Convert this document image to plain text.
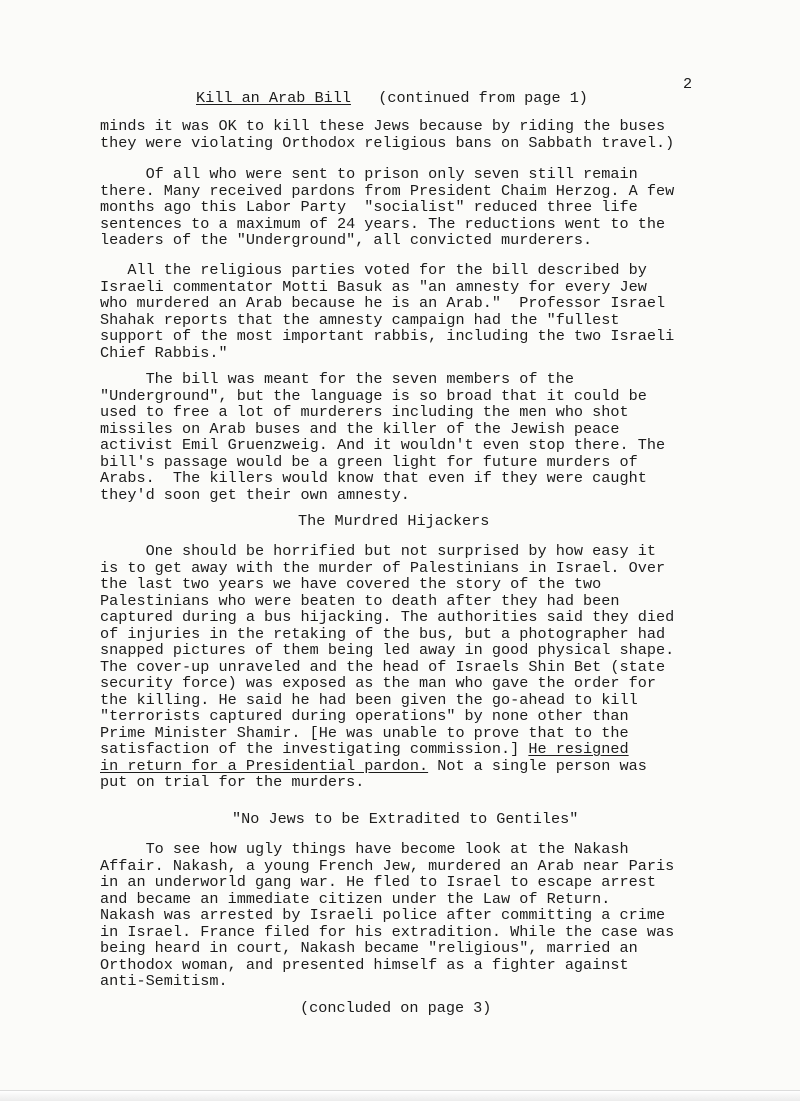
2
Kill an Arab Bill (continued from page 1)
minds it was OK to kill these Jews because by riding the buses
they were violating Orthodox religious bans on Sabbath travel.)
Of all who were sent to prison only seven still remain
there. Many received pardons from President Chaim Herzog. A few
months ago this Labor Party  "socialist" reduced three life
sentences to a maximum of 24 years. The reductions went to the
leaders of the "Underground", all convicted murderers.
All the religious parties voted for the bill described by
Israeli commentator Motti Basuk as "an amnesty for every Jew
who murdered an Arab because he is an Arab."  Professor Israel
Shahak reports that the amnesty campaign had the "fullest
support of the most important rabbis, including the two Israeli
Chief Rabbis."
The bill was meant for the seven members of the
"Underground", but the language is so broad that it could be
used to free a lot of murderers including the men who shot
missiles on Arab buses and the killer of the Jewish peace
activist Emil Gruenzweig. And it wouldn't even stop there. The
bill's passage would be a green light for future murders of
Arabs.  The killers would know that even if they were caught
they'd soon get their own amnesty.
The Murdred Hijackers
One should be horrified but not surprised by how easy it
is to get away with the murder of Palestinians in Israel. Over
the last two years we have covered the story of the two
Palestinians who were beaten to death after they had been
captured during a bus hijacking. The authorities said they died
of injuries in the retaking of the bus, but a photographer had
snapped pictures of them being led away in good physical shape.
The cover-up unraveled and the head of Israels Shin Bet (state
security force) was exposed as the man who gave the order for
the killing. He said he had been given the go-ahead to kill
"terrorists captured during operations" by none other than
Prime Minister Shamir. [He was unable to prove that to the
satisfaction of the investigating commission.] He resigned
in return for a Presidential pardon. Not a single person was
put on trial for the murders.
"No Jews to be Extradited to Gentiles"
To see how ugly things have become look at the Nakash
Affair. Nakash, a young French Jew, murdered an Arab near Paris
in an underworld gang war. He fled to Israel to escape arrest
and became an immediate citizen under the Law of Return.
Nakash was arrested by Israeli police after committing a crime
in Israel. France filed for his extradition. While the case was
being heard in court, Nakash became "religious", married an
Orthodox woman, and presented himself as a fighter against
anti-Semitism.
(concluded on page 3)
